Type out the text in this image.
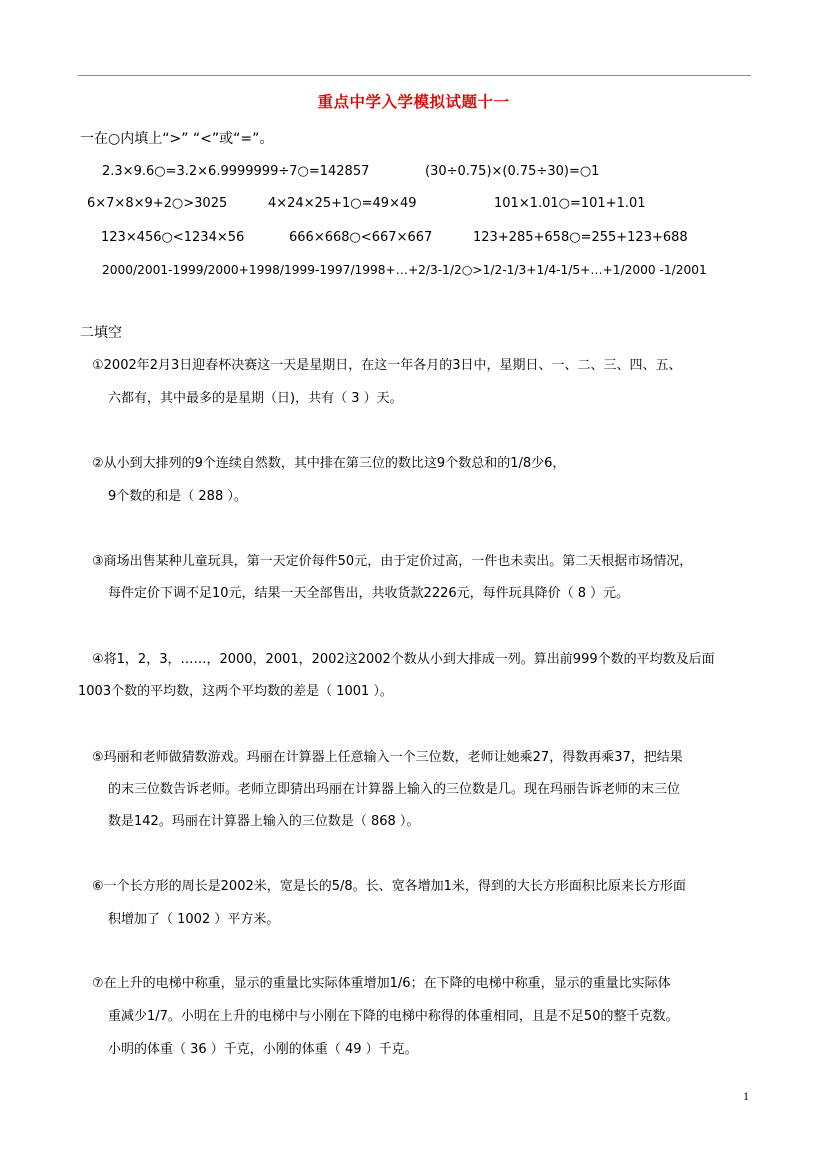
重点中学入学模拟试题十一
一在○内填上“>” “<”或“=”。
2.3×9.6○=3.2×6.9999999÷7○=142857	(30÷0.75)×(0.75÷30)=○1
6×7×8×9+2○>3025	4×24×25+1○=49×49	101×1.01○=101+1.01
123×456○<1234×56	666×668○<667×667	123+285+658○=255+123+688
2000/2001-1999/2000+1998/1999-1997/1998+…+2/3-1/2○>1/2-1/3+1/4-1/5+…+1/2000 -1/2001
二填空
①2002年2月3日迎春杯决赛这一天是星期日，在这一年各月的3日中，星期日、一、二、三、四、五、
六都有，其中最多的是星期（日)，共有（ 3 ）天。
②从小到大排列的9个连续自然数，其中排在第三位的数比这9个数总和的1/8少6，
9个数的和是（ 288 ）。
③商场出售某种儿童玩具，第一天定价每件50元，由于定价过高，一件也未卖出。第二天根据市场情况，
每件定价下调不足10元，结果一天全部售出，共收货款2226元，每件玩具降价（ 8 ）元。
④将1，2，3，……，2000，2001，2002这2002个数从小到大排成一列。算出前999个数的平均数及后面
1003个数的平均数，这两个平均数的差是（ 1001 ）。
⑤玛丽和老师做猜数游戏。玛丽在计算器上任意输入一个三位数，老师让她乘27，得数再乘37，把结果
的末三位数告诉老师。老师立即猜出玛丽在计算器上输入的三位数是几。现在玛丽告诉老师的末三位
数是142。玛丽在计算器上输入的三位数是（ 868 ）。
⑥一个长方形的周长是2002米，宽是长的5/8。长、宽各增加1米，得到的大长方形面积比原来长方形面
积增加了（ 1002 ）平方米。
⑦在上升的电梯中称重，显示的重量比实际体重增加1/6；在下降的电梯中称重，显示的重量比实际体
重减少1/7。小明在上升的电梯中与小刚在下降的电梯中称得的体重相同，且是不足50的整千克数。
小明的体重（ 36 ）千克，小刚的体重（ 49 ）千克。
1
